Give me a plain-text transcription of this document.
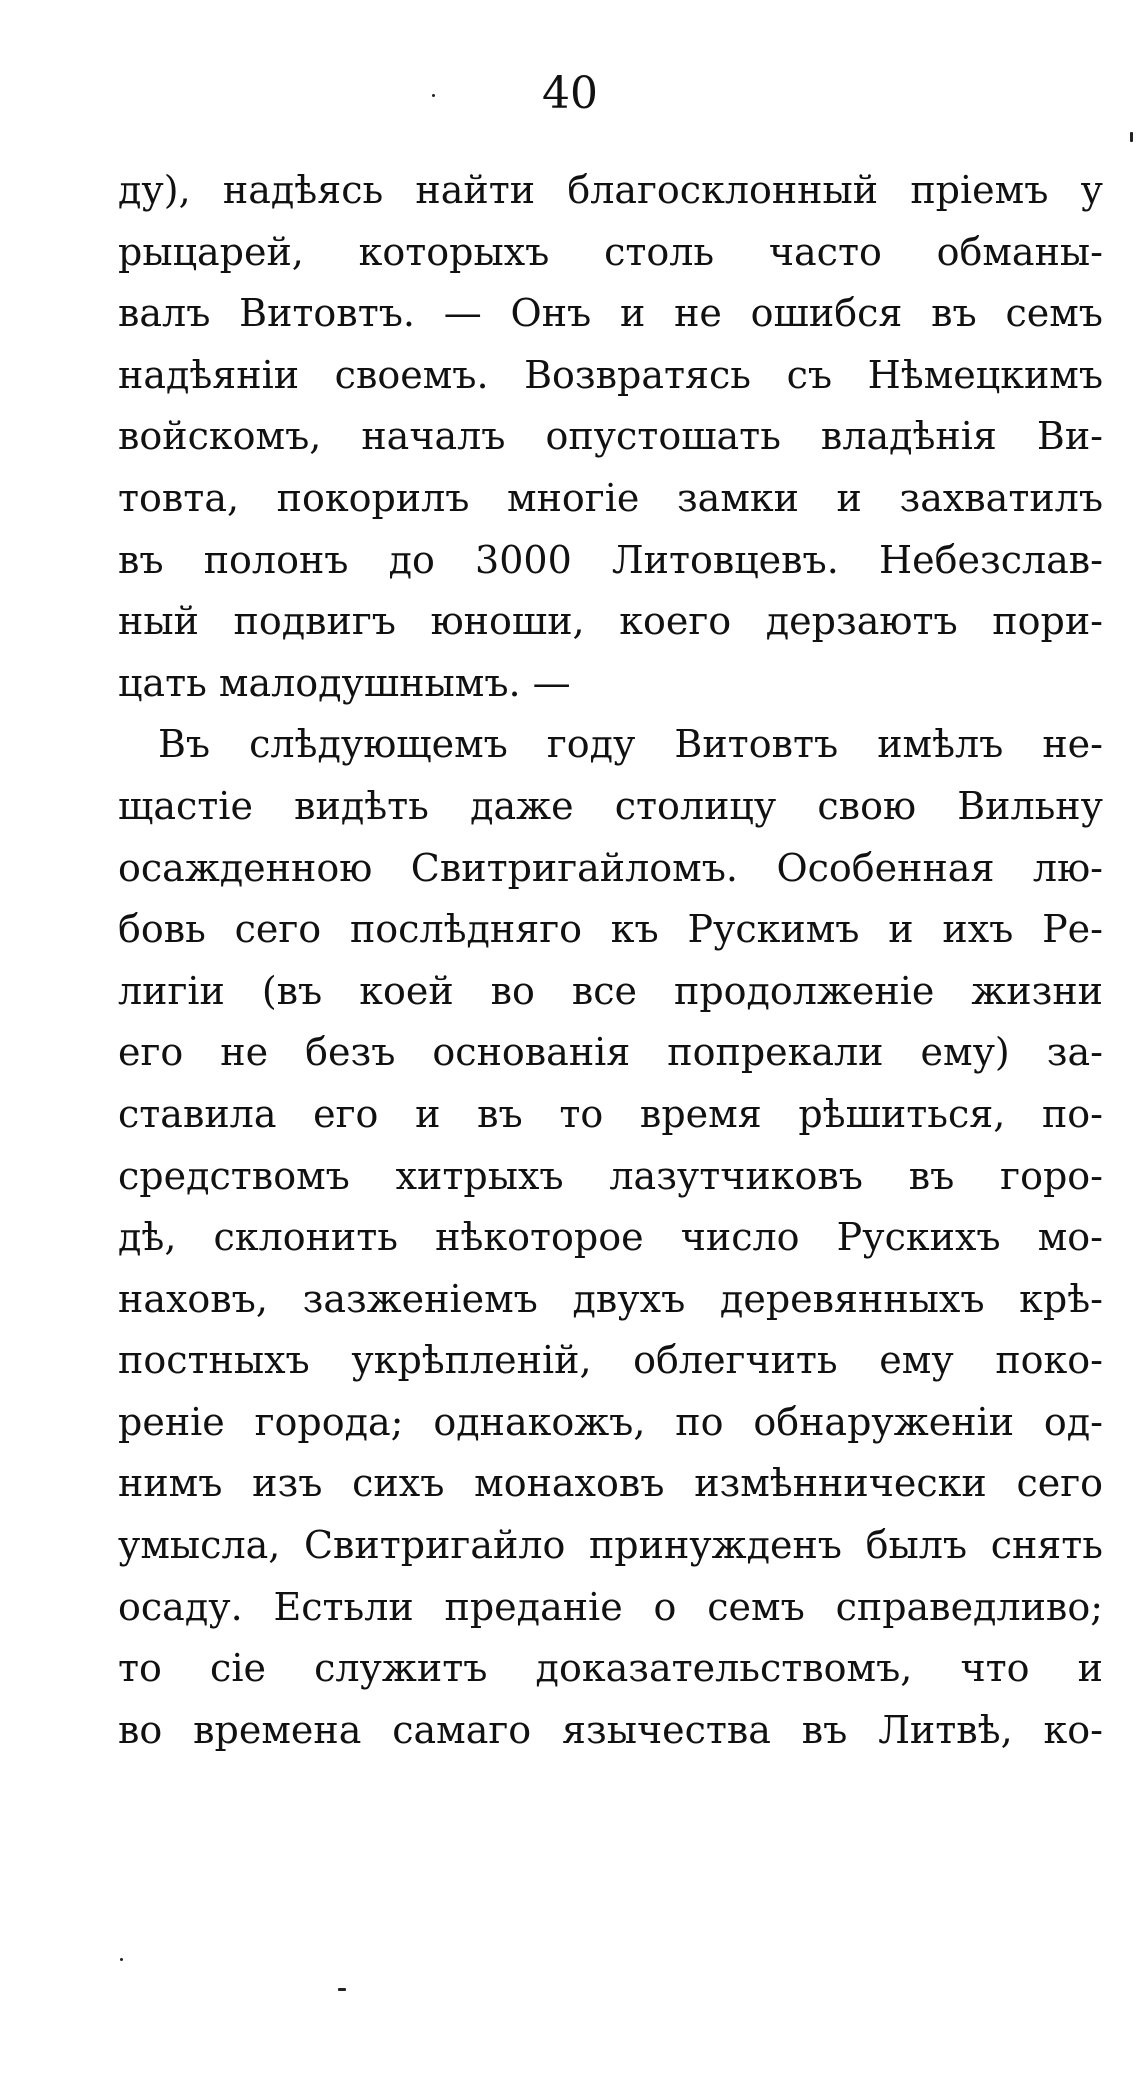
40
ду), надѣясь найти благосклонный пріемъ у
рыцарей, которыхъ столь часто обманы-
валъ Витовтъ. — Онъ и не ошибся въ семъ
надѣяніи своемъ. Возвратясь съ Нѣмецкимъ
войскомъ, началъ опустошать владѣнія Ви-
товта, покорилъ многіе замки и захватилъ
въ полонъ до 3000 Литовцевъ. Небезслав-
ный подвигъ юноши, коего дерзаютъ пори-
цать малодушнымъ. —
Въ слѣдующемъ году Витовтъ имѣлъ не-
щастіе видѣть даже столицу свою Вильну
осажденною Свитригайломъ. Особенная лю-
бовь сего послѣдняго къ Рускимъ и ихъ Ре-
лигіи (въ коей во все продолженіе жизни
его не безъ основанія попрекали ему) за-
ставила его и въ то время рѣшиться, по-
средствомъ хитрыхъ лазутчиковъ въ горо-
дѣ, склонить нѣкоторое число Рускихъ мо-
наховъ, зазженіемъ двухъ деревянныхъ крѣ-
постныхъ укрѣпленій, облегчить ему поко-
реніе города; однакожъ, по обнаруженіи од-
нимъ изъ сихъ монаховъ измѣннически сего
умысла, Свитригайло принужденъ былъ снять
осаду. Естьли преданіе о семъ справедливо;
то сіе служитъ доказательствомъ, что и
во времена самаго язычества въ Литвѣ, ко-
